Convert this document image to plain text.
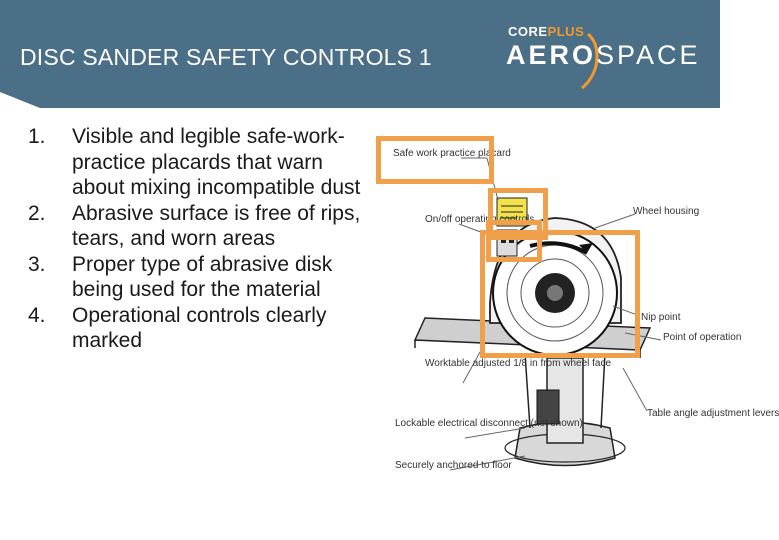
DISC SANDER SAFETY CONTROLS 1
COREPLUS
AEROSPACE
1. Visible and legible safe-work-practice placards that warn about mixing incompatible dust
2. Abrasive surface is free of rips, tears, and worn areas
3. Proper type of abrasive disk being used for the material
4. Operational controls clearly marked
Safe work practice placard
On/off operating controls
Wheel housing
Nip point
Point of operation
Worktable adjusted 1/8 in from wheel face
Table angle adjustment levers
Lockable electrical disconnect (not shown)
Securely anchored to floor
